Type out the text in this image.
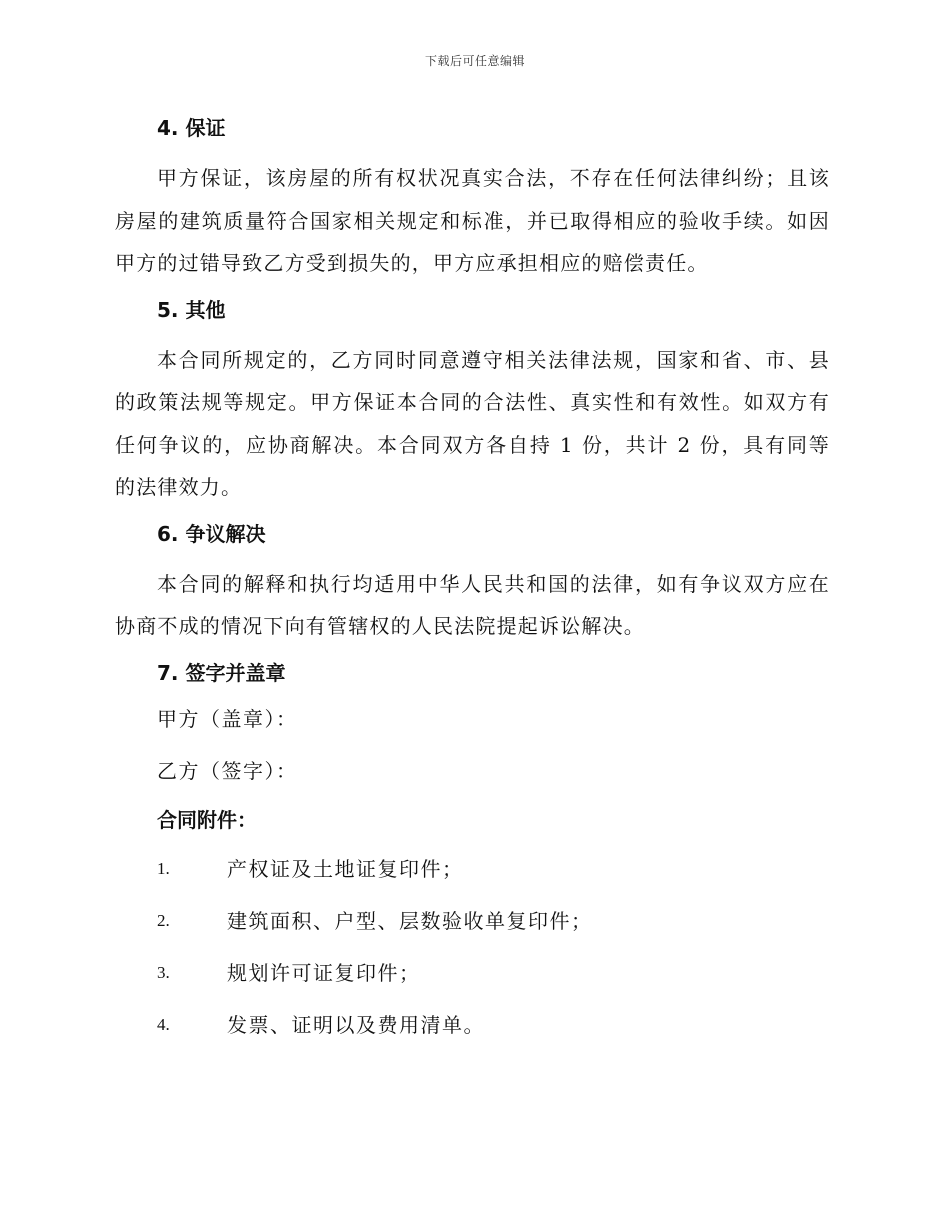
下载后可任意编辑
4. 保证

甲方保证，该房屋的所有权状况真实合法，不存在任何法律纠纷；且该房屋的建筑质量符合国家相关规定和标准，并已取得相应的验收手续。如因甲方的过错导致乙方受到损失的，甲方应承担相应的赔偿责任。

5. 其他

本合同所规定的，乙方同时同意遵守相关法律法规，国家和省、市、县的政策法规等规定。甲方保证本合同的合法性、真实性和有效性。如双方有任何争议的，应协商解决。本合同双方各自持 1 份，共计 2 份，具有同等的法律效力。

6. 争议解决

本合同的解释和执行均适用中华人民共和国的法律，如有争议双方应在协商不成的情况下向有管辖权的人民法院提起诉讼解决。

7. 签字并盖章

甲方（盖章）：

乙方（签字）：

合同附件：
1.	产权证及土地证复印件；
2.	建筑面积、户型、层数验收单复印件；
3.	规划许可证复印件；
4.	发票、证明以及费用清单。
